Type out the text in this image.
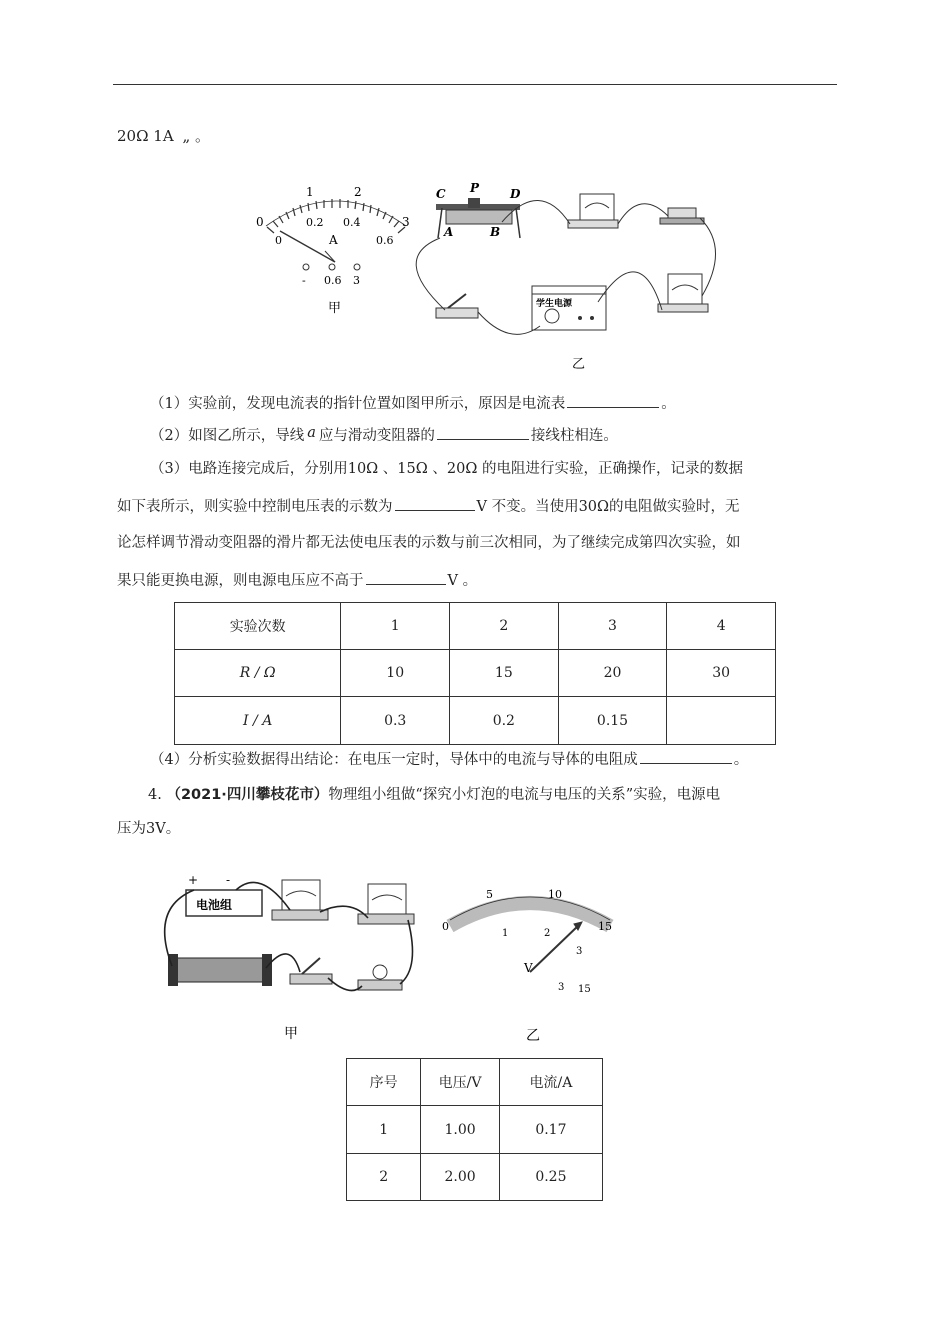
20Ω 1A „ 。
1	2
3
0
0
0.2 0.4
0.6
A
- 0.6 3
甲
C P	D
A	B
学生电源
乙
（1）实验前，发现电流表的指针位置如图甲所示，原因是电流表	。
（2）如图乙所示，导线 a 应与滑动变阻器的	接线柱相连。
（3）电路连接完成后，分别用10Ω 、15Ω 、20Ω 的电阻进行实验，正确操作，记录的数据
如下表所示，则实验中控制电压表的示数为	V 不变。当使用30Ω的电阻做实验时，无
论怎样调节滑动变阻器的滑片都无法使电压表的示数与前三次相同，为了继续完成第四次实验，如
果只能更换电源，则电源电压应不高于	V 。
实验次数	1	2	3	4
R / Ω	10	15	20	30
I / A	0.3	0.2	0.15	
（4）分析实验数据得出结论：在电压一定时，导体中的电流与导体的电阻成	。
4. （2021·四川攀枝花市）物理组小组做“探究小灯泡的电流与电压的关系”实验，电源电
压为3V。
电池组
+ -
甲
0
5	10
15
1	2
3
V
3 15
乙
序号	电压/V	电流/A
1	1.00	0.17
2	2.00	0.25
